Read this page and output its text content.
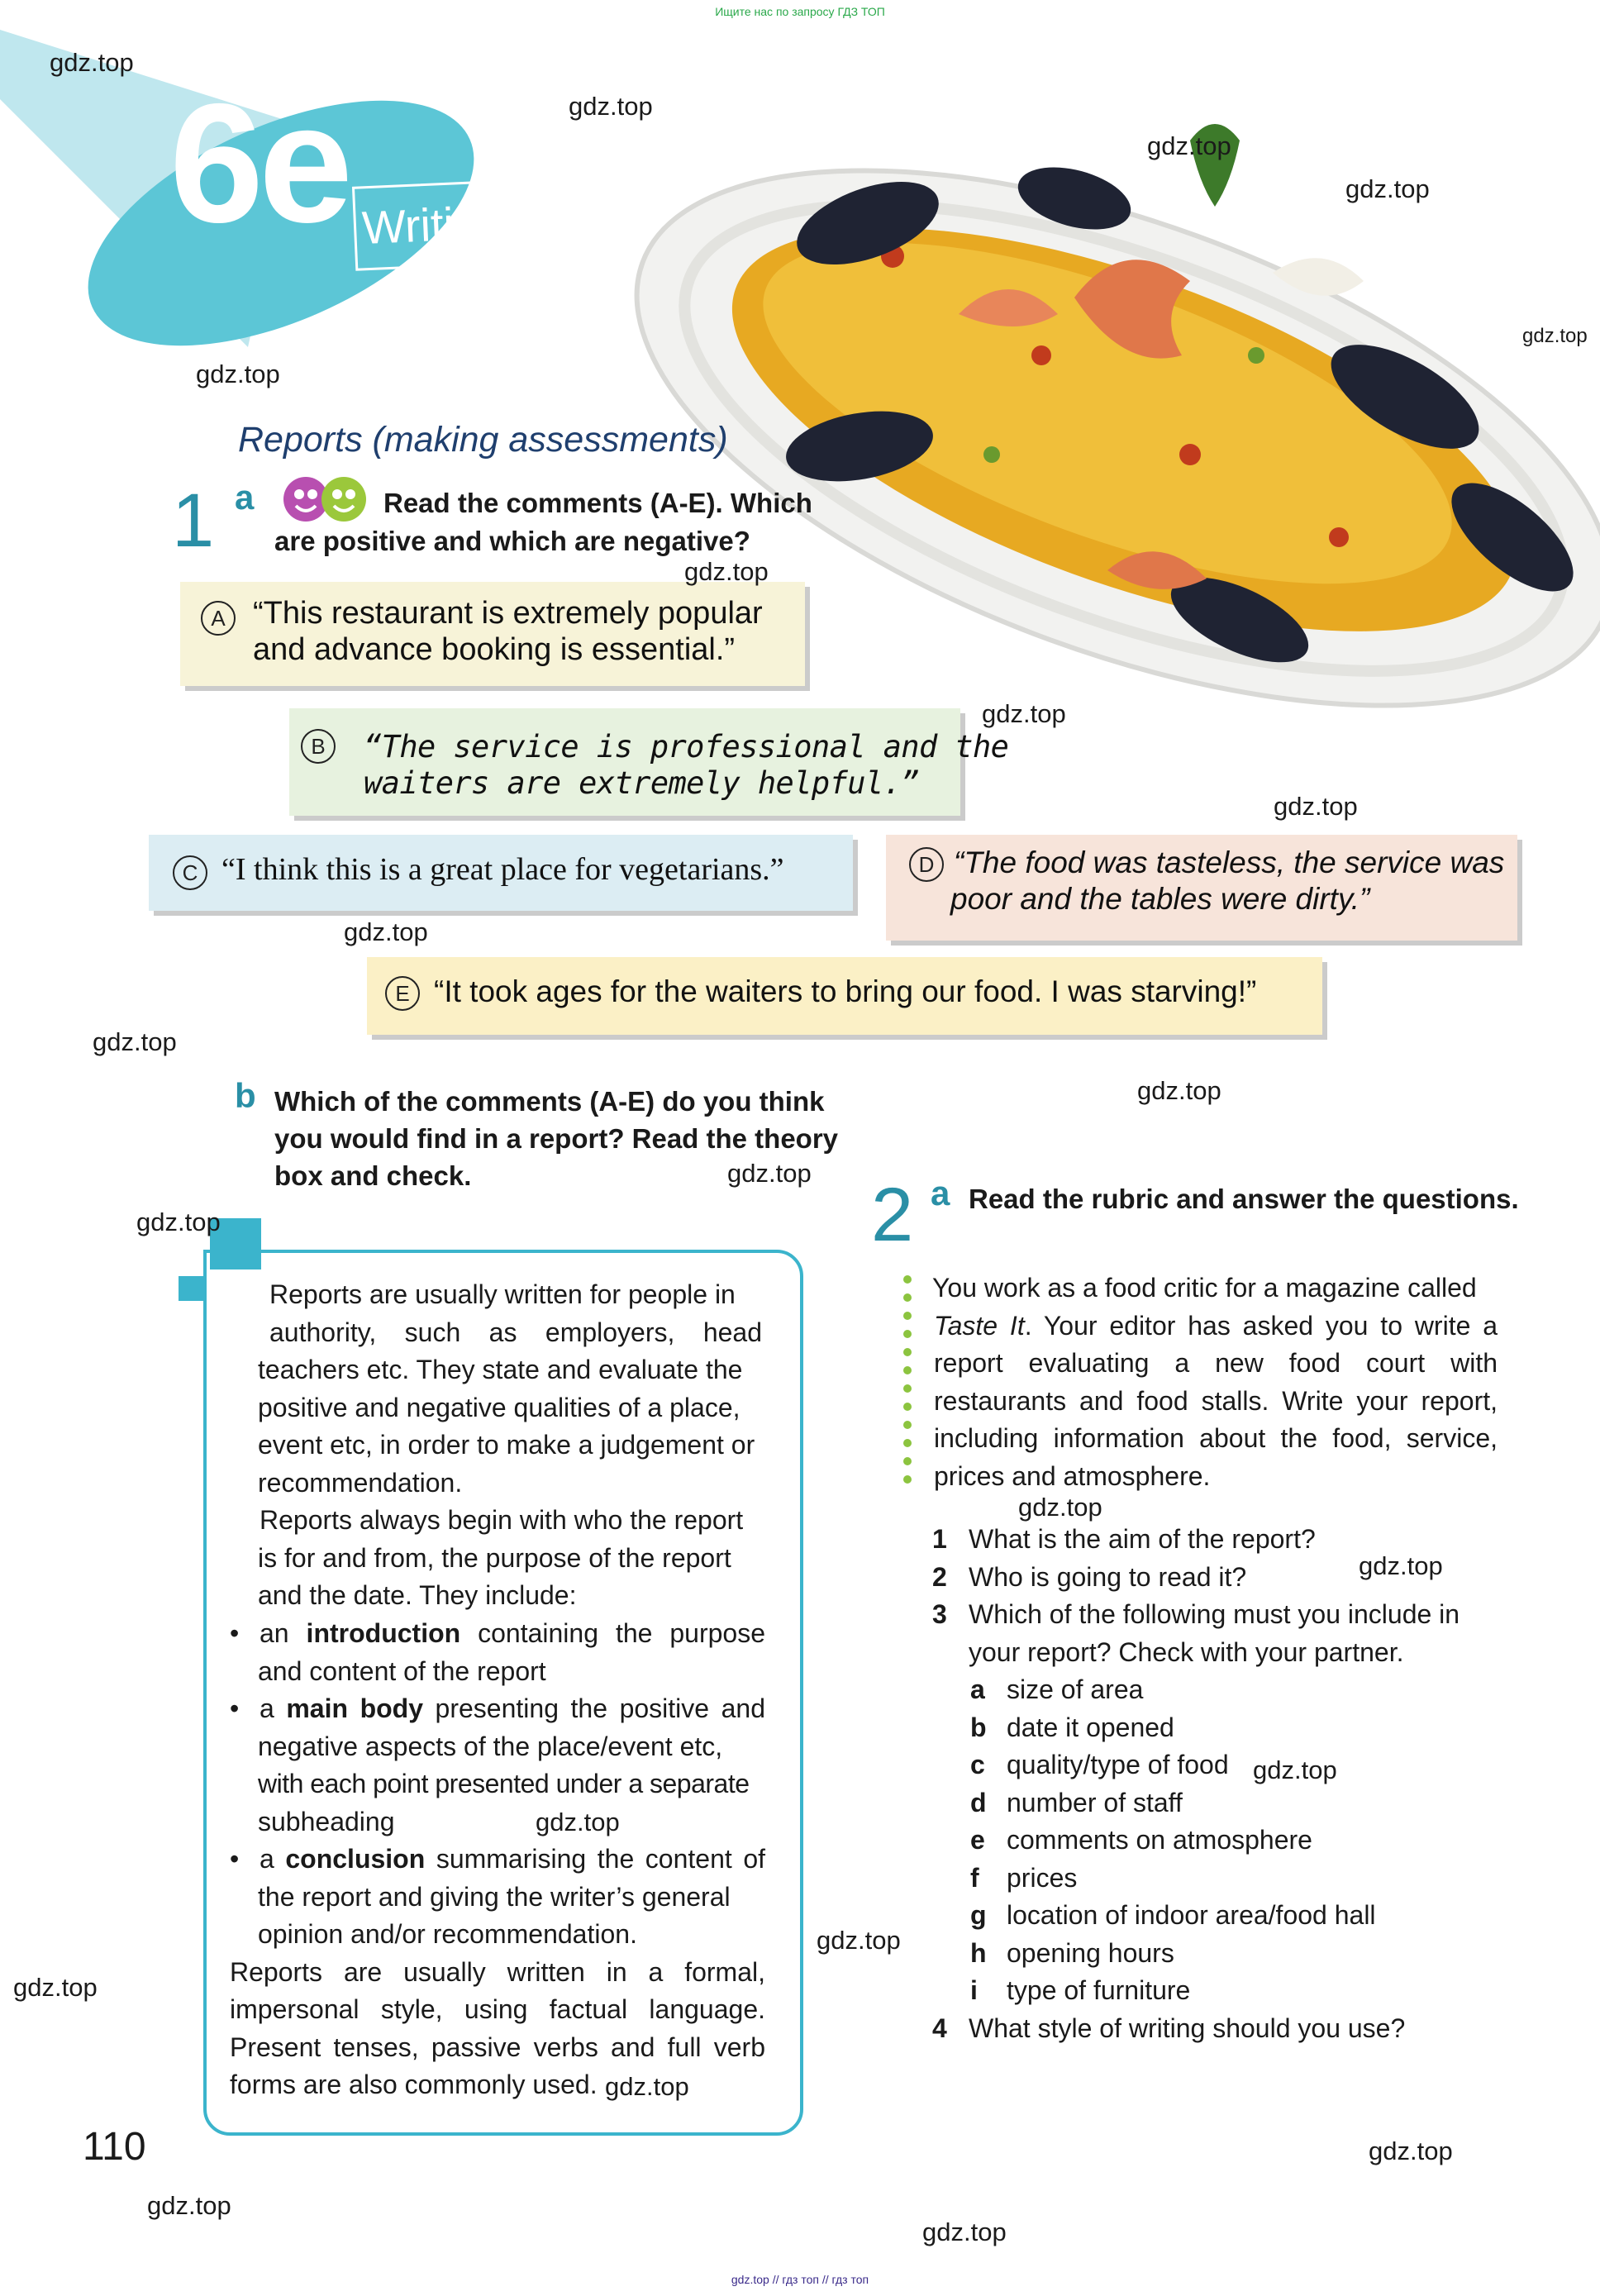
Ищите нас по запросу ГДЗ ТОП
6e Writing Skills
Reports (making assessments)
1 a	Read the comments (A-E). Which
are positive and which are negative?
A “This restaurant is extremely popular
and advance booking is essential.”
B	“The service is professional and the
waiters are extremely helpful.”
C “I think this is a great place for vegetarians.”	D “The food was tasteless, the service was
poor and the tables were dirty.”
E “It took ages for the waiters to bring our food. I was starving!”
b Which of the comments (A-E) do you think
you would find in a report? Read the theory
box and check.
Reports are usually written for people in
authority, such as employers, head
teachers etc. They state and evaluate the
positive and negative qualities of a place,
event etc, in order to make a judgement or
recommendation.
Reports always begin with who the report
is for and from, the purpose of the report
and the date. They include:
• an introduction containing the purpose
and content of the report
• a main body presenting the positive and
negative aspects of the place/event etc,
with each point presented under a separate
subheading
• a conclusion summarising the content of
the report and giving the writer’s general
opinion and/or recommendation.
Reports are usually written in a formal,
impersonal style, using factual language.
Present tenses, passive verbs and full verb
forms are also commonly used.
2 a Read the rubric and answer the questions.
You work as a food critic for a magazine called
Taste It. Your editor has asked you to write a
report evaluating a new food court with
restaurants and food stalls. Write your report,
including information about the food, service,
prices and atmosphere.
1 What is the aim of the report?
2 Who is going to read it?
3 Which of the following must you include in
your report? Check with your partner.
a size of area
b date it opened
c quality/type of food
d number of staff
e comments on atmosphere
f prices
g location of indoor area/food hall
h opening hours
i type of furniture
4 What style of writing should you use?
110
gdz.top
gdz.top
gdz.top
gdz.top
gdz.top
gdz.top
gdz.top
gdz.top
gdz.top
gdz.top
gdz.top
gdz.top
gdz.top
gdz.top
gdz.top
gdz.top
gdz.top
gdz.top
gdz.top
gdz.top
gdz.top
gdz.top
gdz.top
gdz.top
gdz.top // гдз топ // гдз топ
